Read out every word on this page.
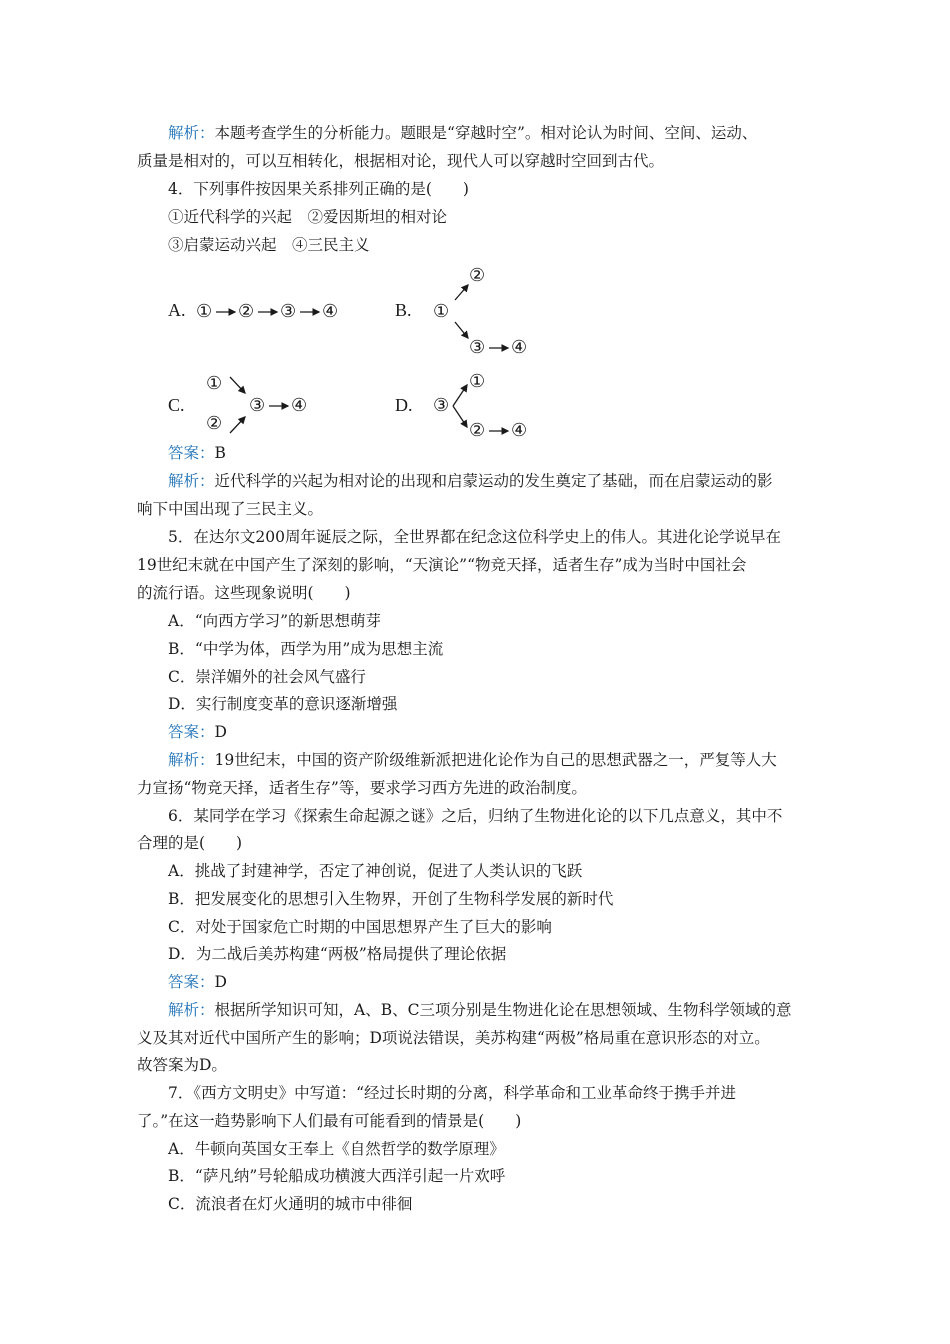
解析：本题考查学生的分析能力。题眼是“穿越时空”。相对论认为时间、空间、运动、
质量是相对的，可以互相转化，根据相对论，现代人可以穿越时空回到古代。
4．下列事件按因果关系排列正确的是(　　)
①近代科学的兴起　②爱因斯坦的相对论
③启蒙运动兴起　④三民主义
A. ① ② ③ ④	B. ①
②
③ ④
C.
①
②
③ ④	D. ③
①
② ④
答案：B
解析：近代科学的兴起为相对论的出现和启蒙运动的发生奠定了基础，而在启蒙运动的影
响下中国出现了三民主义。
5．在达尔文200周年诞辰之际，全世界都在纪念这位科学史上的伟人。其进化论学说早在
19世纪末就在中国产生了深刻的影响，“天演论”“物竞天择，适者生存”成为当时中国社会
的流行语。这些现象说明(　　)
A．“向西方学习”的新思想萌芽
B．“中学为体，西学为用”成为思想主流
C．崇洋媚外的社会风气盛行
D．实行制度变革的意识逐渐增强
答案：D
解析：19世纪末，中国的资产阶级维新派把进化论作为自己的思想武器之一，严复等人大
力宣扬“物竞天择，适者生存”等，要求学习西方先进的政治制度。
6．某同学在学习《探索生命起源之谜》之后，归纳了生物进化论的以下几点意义，其中不
合理的是(　　)
A．挑战了封建神学，否定了神创说，促进了人类认识的飞跃
B．把发展变化的思想引入生物界，开创了生物科学发展的新时代
C．对处于国家危亡时期的中国思想界产生了巨大的影响
D．为二战后美苏构建“两极”格局提供了理论依据
答案：D
解析：根据所学知识可知，A、B、C三项分别是生物进化论在思想领域、生物科学领域的意
义及其对近代中国所产生的影响；D项说法错误，美苏构建“两极”格局重在意识形态的对立。
故答案为D。
7．《西方文明史》中写道：“经过长时期的分离，科学革命和工业革命终于携手并进
了。”在这一趋势影响下人们最有可能看到的情景是(　　)
A．牛顿向英国女王奉上《自然哲学的数学原理》
B．“萨凡纳”号轮船成功横渡大西洋引起一片欢呼
C．流浪者在灯火通明的城市中徘徊
